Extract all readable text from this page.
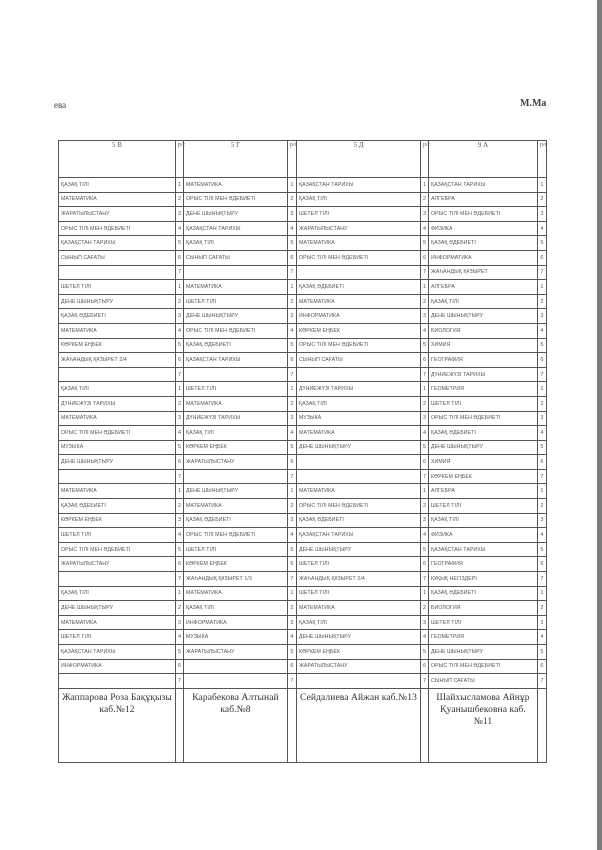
ева	М.Ма
5 В	р/с	5 Г	р/с	5 Д	р/с	9 А	р/с
ҚАЗАҚ ТІЛІ	1	МАТЕМАТИКА	1	ҚАЗАҚСТАН ТАРИХЫ	1	ҚАЗАҚСТАН ТАРИХЫ	1
МАТЕМАТИКА	2	ОРЫС ТІЛІ МЕН ӘДЕБИЕТІ	2	ҚАЗАҚ ТІЛІ	2	АЛГЕБРА	2
ЖАРАТЫЛЫСТАНУ	3	ДЕНЕ ШЫНЫҚТЫРУ	3	ШЕТЕЛ ТІЛІ	3	ОРЫС ТІЛІ МЕН ӘДЕБИЕТІ	3
ОРЫС ТІЛІ МЕН ӘДЕБИЕТІ	4	ҚАЗАҚСТАН ТАРИХЫ	4	ЖАРАТЫЛЫСТАНУ	4	ФИЗИКА	4
ҚАЗАҚСТАН ТАРИХЫ	5	ҚАЗАҚ ТІЛІ	5	МАТЕМАТИКА	5	ҚАЗАҚ ӘДЕБИЕТІ	5
СЫНЫП САҒАТЫ	6	СЫНЫП САҒАТЫ	6	ОРЫС ТІЛІ МЕН ӘДЕБИЕТІ	6	ИНФОРМАТИКА	6
	7		7		7	ЖАҺАНДЫҚ ҚҰЗЫРЕТ	7
ШЕТЕЛ ТІЛІ	1	МАТЕМАТИКА	1	ҚАЗАҚ ӘДЕБИЕТІ	1	АЛГЕБРА	1
ДЕНЕ ШЫНЫҚТЫРУ	2	ШЕТЕЛ ТІЛІ	2	МАТЕМАТИКА	2	ҚАЗАҚ ТІЛІ	2
ҚАЗАҚ ӘДЕБИЕТІ	3	ДЕНЕ ШЫНЫҚТЫРУ	3	ИНФОРМАТИКА	3	ДЕНЕ ШЫНЫҚТЫРУ	3
МАТЕМАТИКА	4	ОРЫС ТІЛІ МЕН ӘДЕБИЕТІ	4	КӨРКЕМ ЕҢБЕК	4	БИОЛОГИЯ	4
КӨРКЕМ ЕҢБЕК	5	ҚАЗАҚ ӘДЕБИЕТІ	5	ОРЫС ТІЛІ МЕН ӘДЕБИЕТІ	5	ХИМИЯ	5
ЖАҺАНДЫҚ ҚҰЗЫРЕТ 2/4	6	ҚАЗАҚСТАН ТАРИХЫ	6	СЫНЫП САҒАТЫ	6	ГЕОГРАФИЯ	6
	7		7		7	ДҮНИЕЖҮЗІ ТАРИХЫ	7
ҚАЗАҚ ТІЛІ	1	ШЕТЕЛ ТІЛІ	1	ДҮНИЕЖҮЗІ ТАРИХЫ	1	ГЕОМЕТРИЯ	1
ДҮНИЕЖҮЗІ ТАРИХЫ	2	МАТЕМАТИКА	2	ҚАЗАҚ ТІЛІ	2	ШЕТЕЛ ТІЛІ	2
МАТЕМАТИКА	3	ДҮНИЕЖҮЗІ ТАРИХЫ	3	МУЗЫКА	3	ОРЫС ТІЛІ МЕН ӘДЕБИЕТІ	3
ОРЫС ТІЛІ МЕН ӘДЕБИЕТІ	4	ҚАЗАҚ ТІЛІ	4	МАТЕМАТИКА	4	ҚАЗАҚ ӘДЕБИЕТІ	4
МУЗЫКА	5	КӨРКЕМ ЕҢБЕК	5	ДЕНЕ ШЫНЫҚТЫРУ	5	ДЕНЕ ШЫНЫҚТЫРУ	5
ДЕНЕ ШЫНЫҚТЫРУ	6	ЖАРАТЫЛЫСТАНУ	6		6	ХИМИЯ	6
	7		7		7	КӨРКЕМ ЕҢБЕК	7
МАТЕМАТИКА	1	ДЕНЕ ШЫНЫҚТЫРУ	1	МАТЕМАТИКА	1	АЛГЕБРА	1
ҚАЗАҚ ӘДЕБИЕТІ	2	МАТЕМАТИКА	2	ОРЫС ТІЛІ МЕН ӘДЕБИЕТІ	2	ШЕТЕЛ ТІЛІ	2
КӨРКЕМ ЕҢБЕК	3	ҚАЗАҚ ӘДЕБИЕТІ	3	ҚАЗАҚ ӘДЕБИЕТІ	3	ҚАЗАҚ ТІЛІ	3
ШЕТЕЛ ТІЛІ	4	ОРЫС ТІЛІ МЕН ӘДЕБИЕТІ	4	ҚАЗАҚСТАН ТАРИХЫ	4	ФИЗИКА	4
ОРЫС ТІЛІ МЕН ӘДЕБИЕТІ	5	ШЕТЕЛ ТІЛІ	5	ДЕНЕ ШЫНЫҚТЫРУ	5	ҚАЗАҚСТАН ТАРИХЫ	5
ЖАРАТЫЛЫСТАНУ	6	КӨРКЕМ ЕҢБЕК	6	ШЕТЕЛ ТІЛІ	6	ГЕОГРАФИЯ	6
	7	ЖАҺАНДЫҚ ҚҰЗЫРЕТ 1/3	7	ЖАҺАНДЫҚ ҚҰЗЫРЕТ 2/4	7	ҚҰҚЫҚ НЕГІЗДЕРІ	7
ҚАЗАҚ ТІЛІ	1	МАТЕМАТИКА	1	ШЕТЕЛ ТІЛІ	1	ҚАЗАҚ ӘДЕБИЕТІ	1
ДЕНЕ ШЫНЫҚТЫРУ	2	ҚАЗАҚ ТІЛІ	2	МАТЕМАТИКА	2	БИОЛОГИЯ	2
МАТЕМАТИКА	3	ИНФОРМАТИКА	3	ҚАЗАҚ ТІЛІ	3	ШЕТЕЛ ТІЛІ	3
ШЕТЕЛ ТІЛІ	4	МУЗЫКА	4	ДЕНЕ ШЫНЫҚТЫРУ	4	ГЕОМЕТРИЯ	4
ҚАЗАҚСТАН ТАРИХЫ	5	ЖАРАТЫЛЫСТАНУ	5	КӨРКЕМ ЕҢБЕК	5	ДЕНЕ ШЫНЫҚТЫРУ	5
ИНФОРМАТИКА	6		6	ЖАРАТЫЛЫСТАНУ	6	ОРЫС ТІЛІ МЕН ӘДЕБИЕТІ	6
	7		7		7	СЫНЫП САҒАТЫ	7
Жаппарова Роза Бақұқызы каб.№12		Карабекова Алтынай каб.№8		Сейдалиева Айжан каб.№13		Шайхысламова Айнұр Қуанышбековна каб.№11	
